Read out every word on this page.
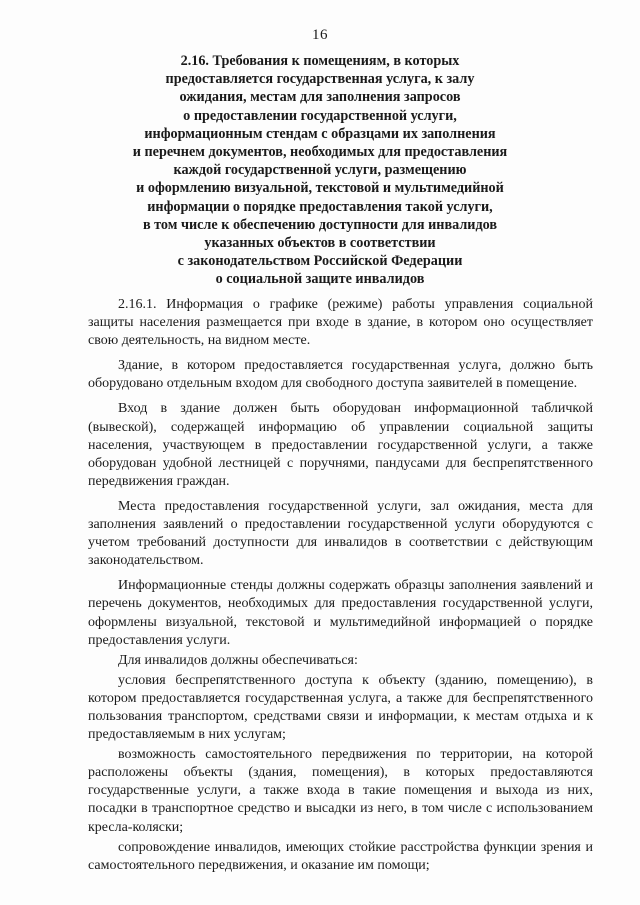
16
2.16. Требования к помещениям, в которых
предоставляется государственная услуга, к залу
ожидания, местам для заполнения запросов
о предоставлении государственной услуги,
информационным стендам с образцами их заполнения
и перечнем документов, необходимых для предоставления
каждой государственной услуги, размещению
и оформлению визуальной, текстовой и мультимедийной
информации о порядке предоставления такой услуги,
в том числе к обеспечению доступности для инвалидов
указанных объектов в соответствии
с законодательством Российской Федерации
о социальной защите инвалидов

2.16.1. Информация о графике (режиме) работы управления социальной защиты населения размещается при входе в здание, в котором оно осуществляет свою деятельность, на видном месте.

Здание, в котором предоставляется государственная услуга, должно быть оборудовано отдельным входом для свободного доступа заявителей в помещение.

Вход в здание должен быть оборудован информационной табличкой (вывеской), содержащей информацию об управлении социальной защиты населения, участвующем в предоставлении государственной услуги, а также оборудован удобной лестницей с поручнями, пандусами для беспрепятственного передвижения граждан.

Места предоставления государственной услуги, зал ожидания, места для заполнения заявлений о предоставлении государственной услуги оборудуются с учетом требований доступности для инвалидов в соответствии с действующим законодательством.

Информационные стенды должны содержать образцы заполнения заявлений и перечень документов, необходимых для предоставления государственной услуги, оформлены визуальной, текстовой и мультимедийной информацией о порядке предоставления услуги.

Для инвалидов должны обеспечиваться:

условия беспрепятственного доступа к объекту (зданию, помещению), в котором предоставляется государственная услуга, а также для беспрепятственного пользования транспортом, средствами связи и информации, к местам отдыха и к предоставляемым в них услугам;

возможность самостоятельного передвижения по территории, на которой расположены объекты (здания, помещения), в которых предоставляются государственные услуги, а также входа в такие помещения и выхода из них, посадки в транспортное средство и высадки из него, в том числе с использованием кресла-коляски;

сопровождение инвалидов, имеющих стойкие расстройства функции зрения и самостоятельного передвижения, и оказание им помощи;
